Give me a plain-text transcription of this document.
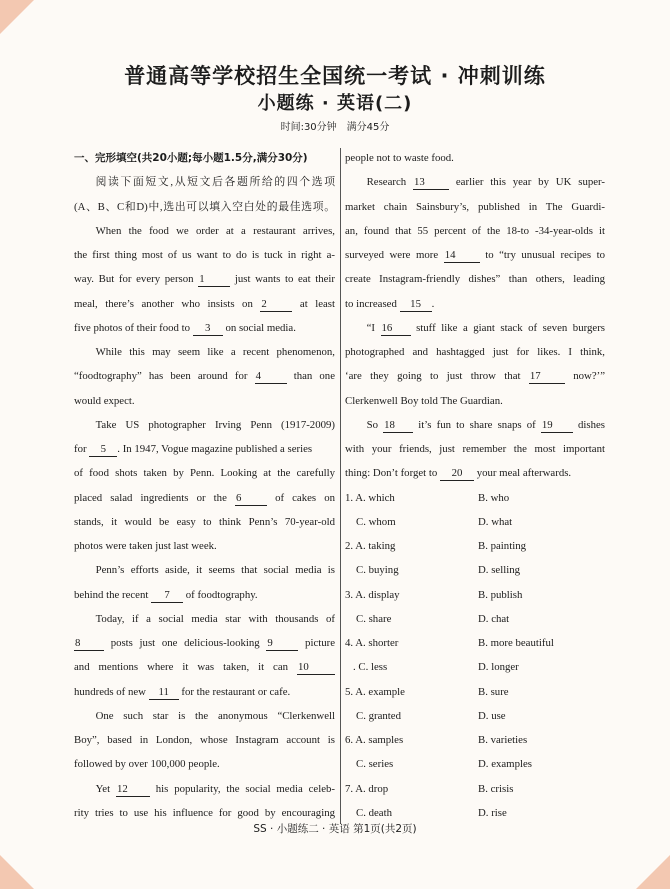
普通高等学校招生全国统一考试 · 冲刺训练
小题练 · 英语(二)
时间:30分钟　满分45分
一、完形填空(共20小题;每小题1.5分,满分30分)
阅读下面短文,从短文后各题所给的四个选项
(A、B、C和D)中,选出可以填入空白处的最佳选项。
When the food we order at a restaurant arrives,
the first thing most of us want to do is tuck in right a-
way. But for every person 1	just wants to eat their
meal, there’s another who insists on 2	at least
five photos of their food to 3 on social media.
While this may seem like a recent phenomenon,
“foodtography” has been around for 4	than one
would expect.
Take US photographer Irving Penn (1917-2009)
for 5 . In 1947, Vogue magazine published a series
of food shots taken by Penn. Looking at the carefully
placed salad ingredients or the 6	of cakes on
stands, it would be easy to think Penn’s 70-year-old
photos were taken just last week.
Penn’s efforts aside, it seems that social media is
behind the recent 7 of foodtography.
Today, if a social media star with thousands of
8	posts just one delicious-looking 9	picture
and mentions where it was taken, it can 10
hundreds of new 11 for the restaurant or cafe.
One such star is the anonymous “Clerkenwell
Boy”, based in London, whose Instagram account is
followed by over 100,000 people.
Yet 12	his popularity, the social media celeb-
rity tries to use his influence for good by encouraging
people not to waste food.
Research 13	earlier this year by UK super-
market chain Sainsbury’s, published in The Guardi-
an, found that 55 percent of the 18-to -34-year-olds it
surveyed were more 14	to “try unusual recipes to
create Instagram-friendly dishes” than others, leading
to increased 15 .
“I 16 stuff like a giant stack of seven burgers
photographed and hashtagged just for likes. I think,
‘are they going to just throw that 17	now?’”
Clerkenwell Boy told The Guardian.
So 18 it’s fun to share snaps of 19 dishes
with your friends, just remember the most important
thing: Don’t forget to 20 your meal afterwards.
1. A. which	B. who
C. whom	D. what
2. A. taking	B. painting
C. buying	D. selling
3. A. display	B. publish
C. share	D. chat
4. A. shorter	B. more beautiful
. C. less	D. longer
5. A. example	B. sure
C. granted	D. use
6. A. samples	B. varieties
C. series	D. examples
7. A. drop	B. crisis
C. death	D. rise
SS · 小题练二 · 英语 第1页(共2页)
